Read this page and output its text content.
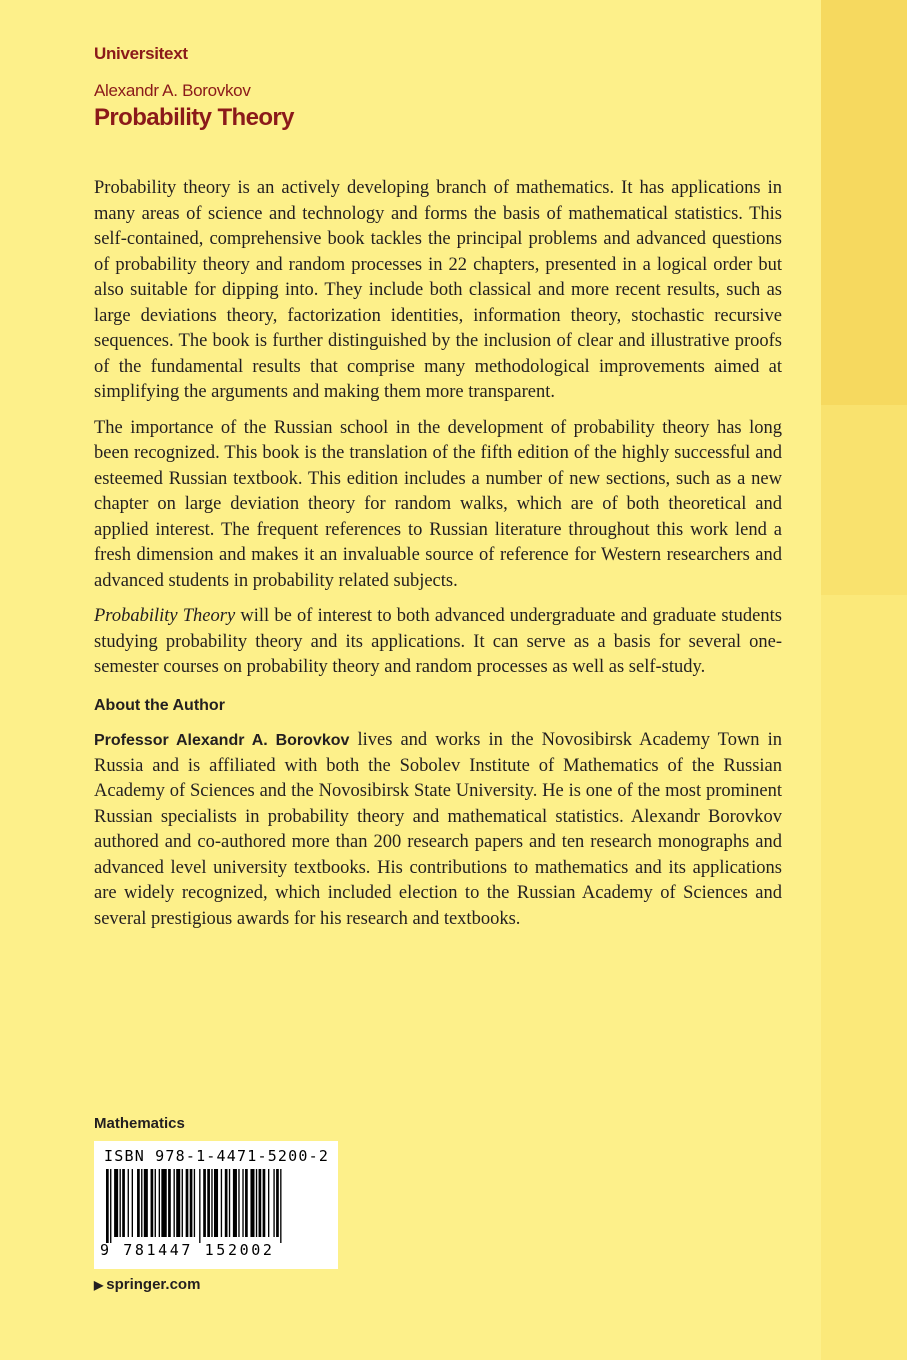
Universitext
Alexandr A. Borovkov
Probability Theory

Probability theory is an actively developing branch of mathematics. It has applications in many areas of science and technology and forms the basis of mathematical statistics. This self-contained, comprehensive book tackles the principal problems and advanced questions of probability theory and random processes in 22 chapters, presented in a logical order but also suitable for dipping into. They include both classical and more recent results, such as large deviations theory, factorization identities, information theory, stochastic recursive sequences. The book is further distinguished by the inclusion of clear and illustrative proofs of the fundamental results that comprise many methodological improvements aimed at simplifying the arguments and making them more transparent.

The importance of the Russian school in the development of probability theory has long been recognized. This book is the translation of the fifth edition of the highly successful and esteemed Russian textbook. This edition includes a number of new sections, such as a new chapter on large deviation theory for random walks, which are of both theoretical and applied interest. The frequent references to Russian literature throughout this work lend a fresh dimension and makes it an invaluable source of reference for Western researchers and advanced students in probability related subjects.

Probability Theory will be of interest to both advanced undergraduate and graduate students studying probability theory and its applications. It can serve as a basis for several one-semester courses on probability theory and random processes as well as self-study.

About the Author

Professor Alexandr A. Borovkov lives and works in the Novosibirsk Academy Town in Russia and is affiliated with both the Sobolev Institute of Mathematics of the Russian Academy of Sciences and the Novosibirsk State University. He is one of the most prominent Russian specialists in probability theory and mathematical statistics. Alexandr Borovkov authored and co-authored more than 200 research papers and ten research monographs and advanced level university textbooks. His contributions to mathematics and its applications are widely recognized, which included election to the Russian Academy of Sciences and several prestigious awards for his research and textbooks.

Mathematics
ISBN 978-1-4471-5200-2
9 781447 152002
▶ springer.com
